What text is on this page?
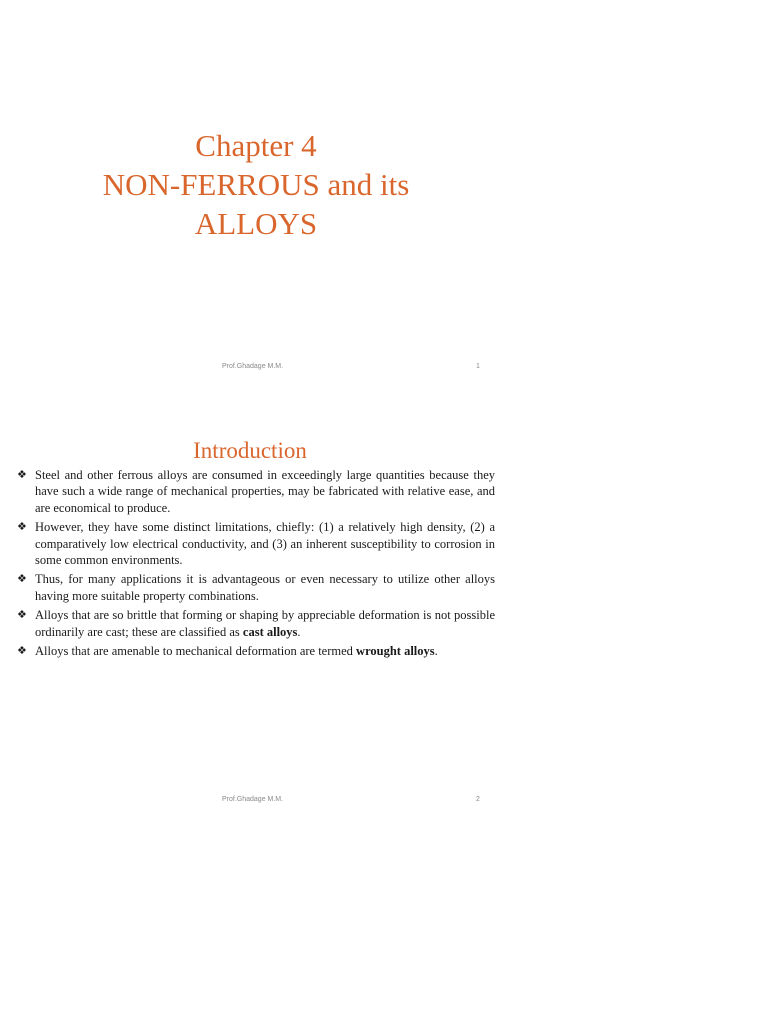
Chapter 4
NON-FERROUS and its
ALLOYS
Prof.Ghadage M.M.	1
Introduction
❖ Steel and other ferrous alloys are consumed in exceedingly large quantities because they have such a wide range of mechanical properties, may be fabricated with relative ease, and are economical to produce.
❖ However, they have some distinct limitations, chiefly: (1) a relatively high density, (2) a comparatively low electrical conductivity, and (3) an inherent susceptibility to corrosion in some common environments.
❖ Thus, for many applications it is advantageous or even necessary to utilize other alloys having more suitable property combinations.
❖ Alloys that are so brittle that forming or shaping by appreciable deformation is not possible ordinarily are cast; these are classified as cast alloys.
❖ Alloys that are amenable to mechanical deformation are termed wrought alloys.
Prof.Ghadage M.M.	2
